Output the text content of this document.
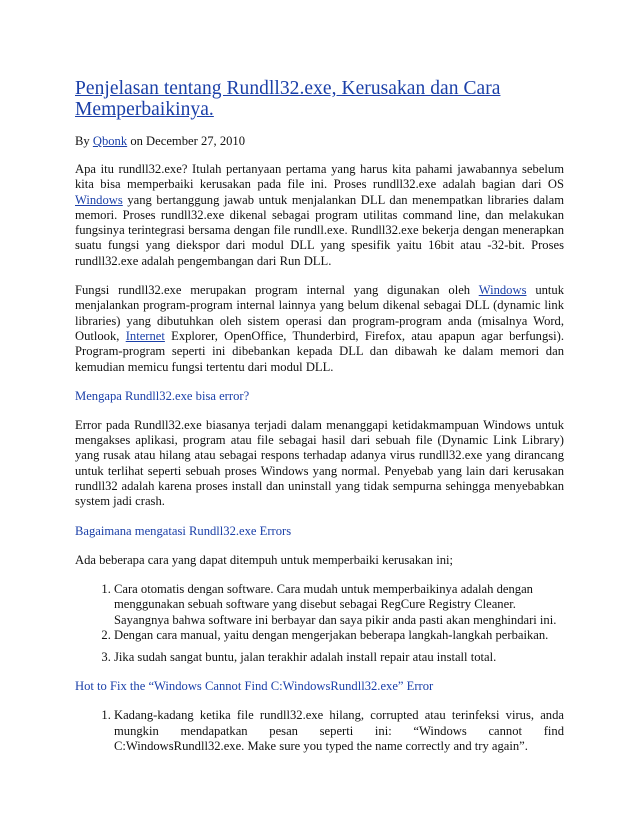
Penjelasan tentang Rundll32.exe, Kerusakan dan Cara Memperbaikinya.
By Qbonk on December 27, 2010

Apa itu rundll32.exe? Itulah pertanyaan pertama yang harus kita pahami jawabannya sebelum kita bisa memperbaiki kerusakan pada file ini. Proses rundll32.exe adalah bagian dari OS Windows yang bertanggung jawab untuk menjalankan DLL dan menempatkan libraries dalam memori. Proses rundll32.exe dikenal sebagai program utilitas command line, dan melakukan fungsinya terintegrasi bersama dengan file rundll.exe. Rundll32.exe bekerja dengan menerapkan suatu fungsi yang diekspor dari modul DLL yang spesifik yaitu 16bit atau -32-bit. Proses rundll32.exe adalah pengembangan dari Run DLL.

Fungsi rundll32.exe merupakan program internal yang digunakan oleh Windows untuk menjalankan program-program internal lainnya yang belum dikenal sebagai DLL (dynamic link libraries) yang dibutuhkan oleh sistem operasi dan program-program anda (misalnya Word, Outlook, Internet Explorer, OpenOffice, Thunderbird, Firefox, atau apapun agar berfungsi). Program-program seperti ini dibebankan kepada DLL dan dibawah ke dalam memori dan kemudian memicu fungsi tertentu dari modul DLL.

Mengapa Rundll32.exe bisa error?

Error pada Rundll32.exe biasanya terjadi dalam menanggapi ketidakmampuan Windows untuk mengakses aplikasi, program atau file sebagai hasil dari sebuah file (Dynamic Link Library) yang rusak atau hilang atau sebagai respons terhadap adanya virus rundll32.exe yang dirancang untuk terlihat seperti sebuah proses Windows yang normal. Penyebab yang lain dari kerusakan rundll32 adalah karena proses install dan uninstall yang tidak sempurna sehingga menyebabkan system jadi crash.

Bagaimana mengatasi Rundll32.exe Errors

Ada beberapa cara yang dapat ditempuh untuk memperbaiki kerusakan ini;

1. Cara otomatis dengan software. Cara mudah untuk memperbaikinya adalah dengan menggunakan sebuah software yang disebut sebagai RegCure Registry Cleaner. Sayangnya bahwa software ini berbayar dan saya pikir anda pasti akan menghindari ini.
2. Dengan cara manual, yaitu dengan mengerjakan beberapa langkah-langkah perbaikan.
3. Jika sudah sangat buntu, jalan terakhir adalah install repair atau install total.
Hot to Fix the “Windows Cannot Find C:WindowsRundll32.exe” Error
1. Kadang-kadang ketika file rundll32.exe hilang, corrupted atau terinfeksi virus, anda mungkin mendapatkan pesan seperti ini: “Windows cannot find C:WindowsRundll32.exe. Make sure you typed the name correctly and try again”.
